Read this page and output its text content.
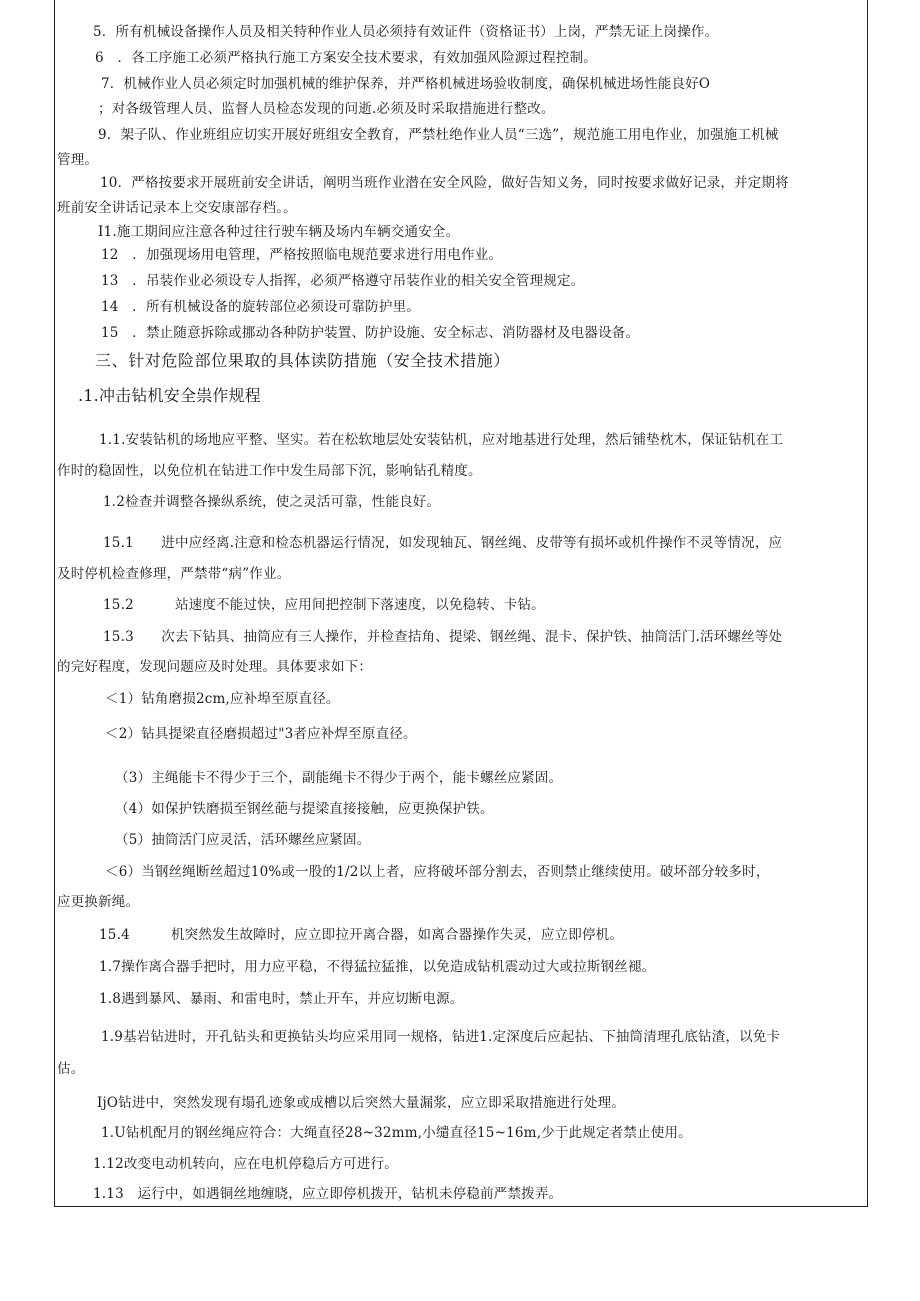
5．所有机械设备操作人员及相关特种作业人员必须持有效证件（资格证书）上岗，严禁无证上岗操作。
6　．各工序施工必须严格执行施工方案安全技术要求，有效加强风险源过程控制。
7．机械作业人员必须定时加强机械的维护保养，并严格机械进场验收制度，确保机械进场性能良好O
；对各级管理人员、监督人员检态发现的问逝.必须及时采取措施进行整改。
9．架子队、作业班组应切实开展好班组安全教育，严禁杜绝作业人员“三选”，规范施工用电作业，加强施工机械
管理。
10．严格按要求开展班前安全讲话，阐明当班作业潜在安全风险，做好告知义务，同时按要求做好记录，并定期将
班前安全讲话记录本上交安康部存档。。
I1.施工期间应注意各种过往行驶车辆及场内车辆交通安全。
12　．加强现场用电管理，严格按照临电规范要求进行用电作业。
13　．吊装作业必须设专人指挥，必须严格遵守吊装作业的相关安全管理规定。
14　．所有机械设备的旋转部位必须设可靠防护里。
15　．禁止随意拆除或挪动各种防护装置、防护设施、安全标志、消防器材及电器设备。
三、针对危险部位果取的具体读防措施（安全技术措施）
.1.冲击钻机安全祟作规程
1.1.安装钻机的场地应平整、坚实。若在松软地层处安装钻机，应对地基进行处理，然后铺垫枕木，保证钻机在工
作时的稳固性，以免位机在钻进工作中发生局部下沉，影响钻孔精度。
1.2检查并调整各操纵系统，使之灵活可靠，性能良好。
15.1　　进中应经离.注意和检态机器运行情况，如发现轴瓦、钢丝绳、皮带等有损坏或机件操作不灵等情况，应
及时停机检查修理，严禁带“病”作业。
15.2　　　站速度不能过快，应用间把控制下落速度，以免稳转、卡钻。
15.3　　次去下钻具、抽筒应有三人操作，并检查拮角、提梁、钢丝绳、混卡、保护铁、抽筒活门.活环螺丝等处
的完好程度，发现问题应及时处理。具体要求如下：
＜1）钻角磨损2cm,应补埠至原直径。
＜2）钻具提梁直径磨损超过"3者应补焊至原直径。
（3）主绳能卡不得少于三个，副能绳卡不得少于两个，能卡螺丝应紧固。
（4）如保护铁磨损至钢丝葩与提梁直接接触，应更换保护铁。
（5）抽筒活门应灵活，活环螺丝应紧固。
＜6）当钢丝绳断丝超过10%或一股的1/2以上者，应将破坏部分割去，否则禁止继续使用。破坏部分较多时，
应更换新绳。
15.4　　　机突然发生故障时，应立即拉开离合器，如离合器操作失灵，应立即停机。
1.7操作离合器手把时，用力应平稳，不得猛拉猛推，以免造成钻机震动过大或拉斯钢丝褪。
1.8遇到暴风、暴雨、和雷电时，禁止开车，并应切断电源。
1.9基岩钻进时，开孔钻头和更换钻头均应采用同一规格，钻进1.定深度后应起拈、下抽筒清理孔底钻渣，以免卡
估。
IjO钻进中，突然发现有塌孔迹象或成槽以后突然大量漏浆，应立即采取措施进行处理。
1.U钻机配月的钢丝绳应符合：大绳直径28~32mm,小缱直径15~16m,少于此规定者禁止使用。
1.12改变电动机转向，应在电机停稳后方可进行。
1.13　运行中，如遇铜丝地缠晓，应立即停机拨开，钻机未停稳前严禁拨弄。
